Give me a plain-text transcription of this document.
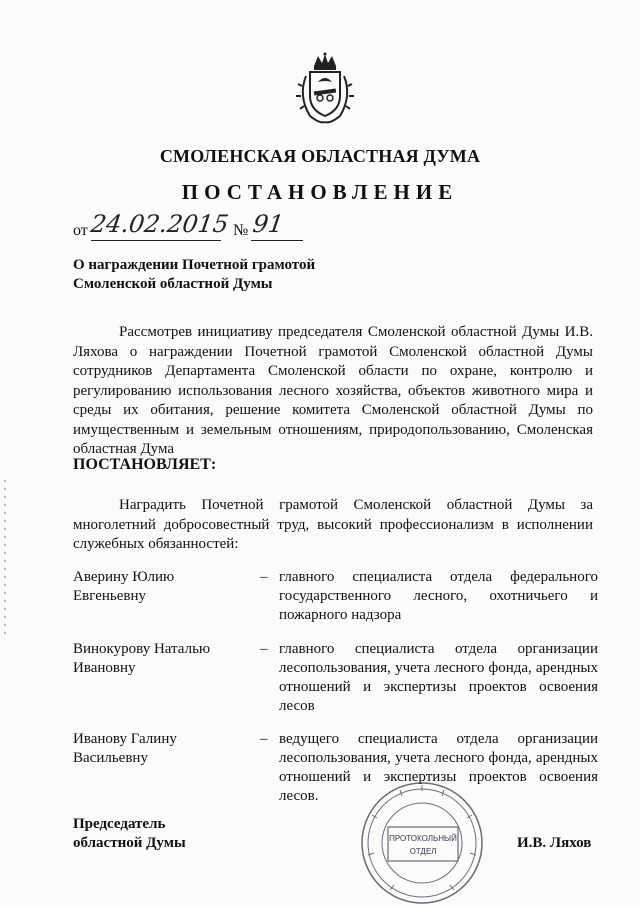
СМОЛЕНСКАЯ ОБЛАСТНАЯ ДУМА
ПОСТАНОВЛЕНИЕ
от 24.02.2015 № 91
О награждении Почетной грамотой
Смоленской областной Думы
Рассмотрев инициативу председателя Смоленской областной Думы И.В. Ляхова о награждении Почетной грамотой Смоленской областной Думы сотрудников Департамента Смоленской области по охране, контролю и регулированию использования лесного хозяйства, объектов животного мира и среды их обитания, решение комитета Смоленской областной Думы по имущественным и земельным отношениям, природопользованию, Смоленская областная Дума
ПОСТАНОВЛЯЕТ:
Наградить Почетной грамотой Смоленской областной Думы за многолетний добросовестный труд, высокий профессионализм в исполнении служебных обязанностей:
Аверину Юлию Евгеньевну
– главного специалиста отдела федерального государственного лесного, охотничьего и пожарного надзора
Винокурову Наталью Ивановну
– главного специалиста отдела организации лесопользования, учета лесного фонда, арендных отношений и экспертизы проектов освоения лесов
Иванову Галину Васильевну
– ведущего специалиста отдела организации лесопользования, учета лесного фонда, арендных отношений и экспертизы проектов освоения лесов.
Председатель
областной Думы	И.В. Ляхов
ПРОТОКОЛЬНЫЙ
ОТДЕЛ
